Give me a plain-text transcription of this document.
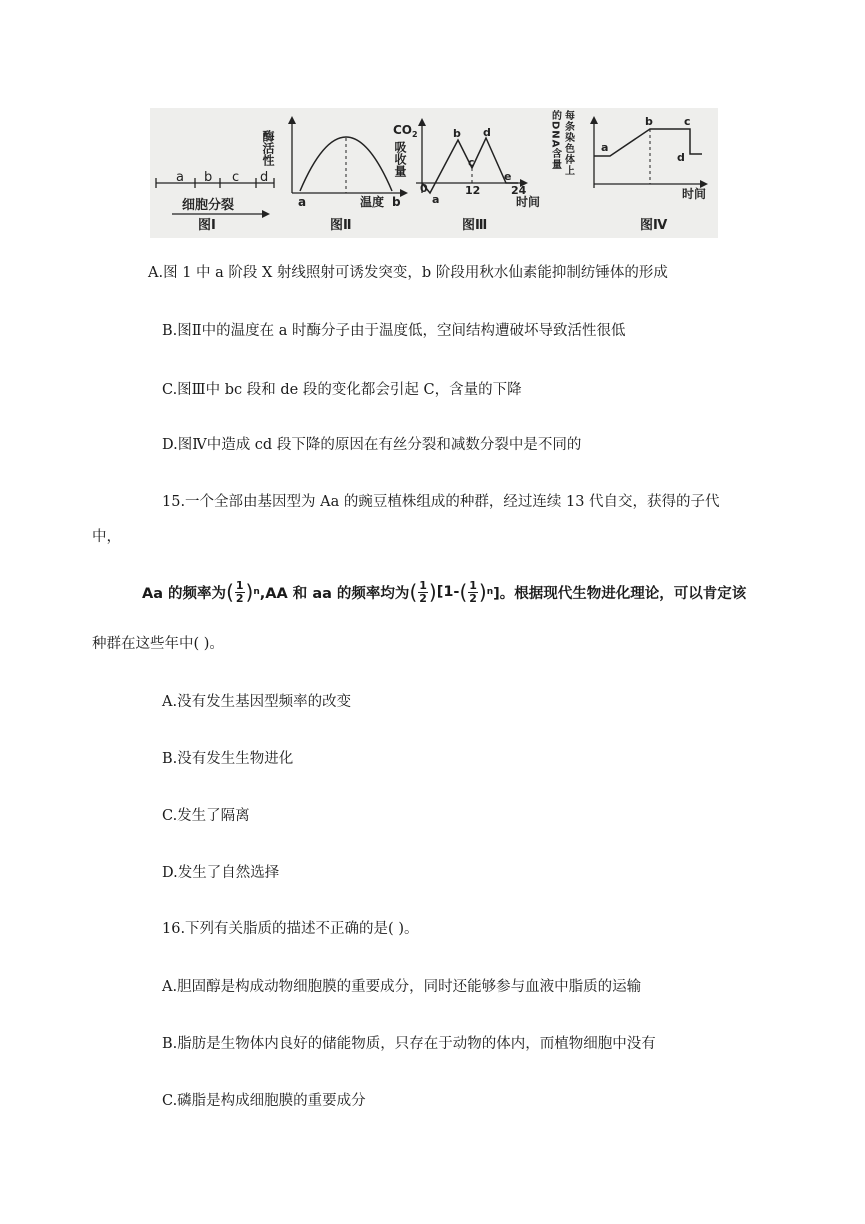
a b c d
细胞分裂
图Ⅰ
酶活性
a	温度 b
图Ⅱ
CO 2
吸收量
0
a
b
c
d
e
12	24
时间
图Ⅲ
的DNA含量 每条染色体上	a
b	c
d
时间
图Ⅳ
A.图 1 中 a 阶段 X 射线照射可诱发突变，b 阶段用秋水仙素能抑制纺锤体的形成
B.图Ⅱ中的温度在 a 时酶分子由于温度低，空间结构遭破坏导致活性很低
C.图Ⅲ中 bc 段和 de 段的变化都会引起 C，含量的下降
D.图Ⅳ中造成 cd 段下降的原因在有丝分裂和减数分裂中是不同的
15.一个全部由基因型为 Aa 的豌豆植株组成的种群，经过连续 13 代自交，获得的子代
中，
Aa 的频率为 ( $\frac{1}{2}$ ) n ,AA 和 aa 的频率均为 ( $\frac{1}{2}$ ) [1- ( $\frac{1}{2}$ ) n ]。根据现代生物进化理论，可以肯定该
种群在这些年中( )。
A.没有发生基因型频率的改变
B.没有发生生物进化
C.发生了隔离
D.发生了自然选择
16.下列有关脂质的描述不正确的是( )。
A.胆固醇是构成动物细胞膜的重要成分，同时还能够参与血液中脂质的运输
B.脂肪是生物体内良好的储能物质，只存在于动物的体内，而植物细胞中没有
C.磷脂是构成细胞膜的重要成分
